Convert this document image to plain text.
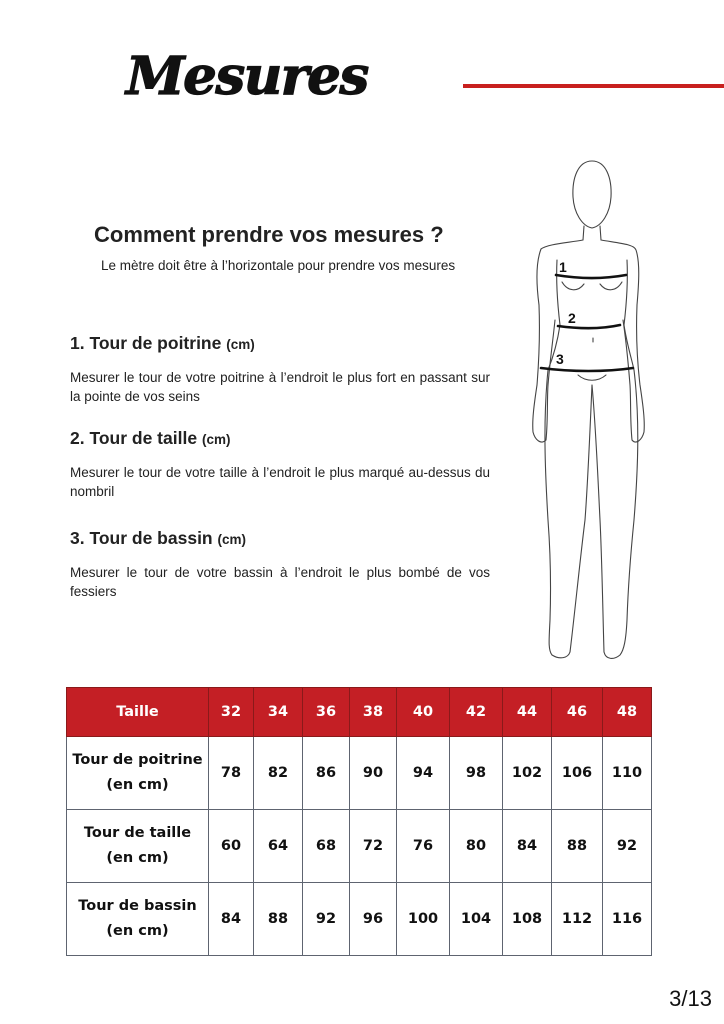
Mesures
Comment prendre vos mesures ?
Le mètre doit être à l’horizontale pour prendre vos mesures
1. Tour de poitrine (cm)
Mesurer le tour de votre poitrine à l’endroit le plus fort en passant sur la pointe de vos seins
2. Tour de taille (cm)
Mesurer le tour de votre taille à l’endroit le plus marqué au-dessus du nombril
3. Tour de bassin (cm)
Mesurer le tour de votre bassin à l’endroit le plus bombé de vos fessiers
1
2
3
Taille	32	34	36	38	40	42	44	46	48

Tour de poitrine
(en cm)	78	82	86	90	94	98	102	106	110

Tour de taille
(en cm)	60	64	68	72	76	80	84	88	92

Tour de bassin
(en cm)	84	88	92	96	100	104	108	112	116
3/13
